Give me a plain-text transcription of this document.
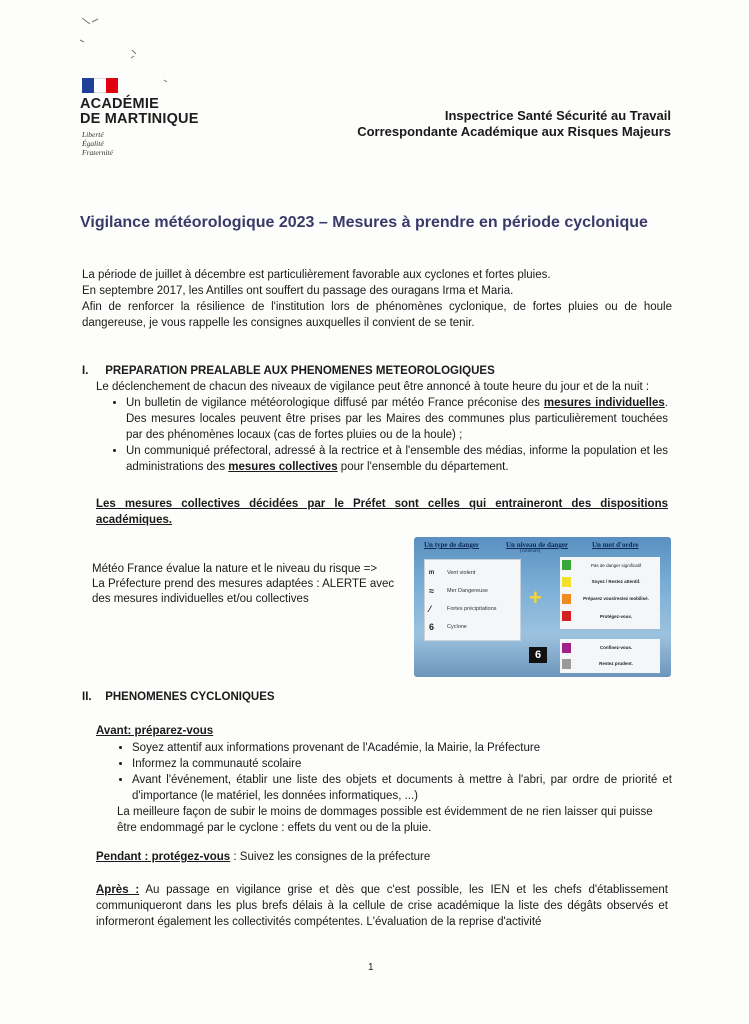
ACADÉMIE
DE MARTINIQUE
Liberté
Égalité
Fraternité
Inspectrice Santé Sécurité au Travail
Correspondante Académique aux Risques Majeurs
Vigilance météorologique 2023 – Mesures à prendre en période cyclonique
La période de juillet à décembre est particulièrement favorable aux cyclones et fortes pluies.
En septembre 2017, les Antilles ont souffert du passage des ouragans Irma et Maria.
Afin de renforcer la résilience de l'institution lors de phénomènes cyclonique, de fortes pluies ou de houle dangereuse, je vous rappelle les consignes auxquelles il convient de se tenir.
I. PREPARATION PREALABLE AUX PHENOMENES METEOROLOGIQUES
Le déclenchement de chacun des niveaux de vigilance peut être annoncé à toute heure du jour et de la nuit :
• Un bulletin de vigilance météorologique diffusé par météo France préconise des mesures individuelles. Des mesures locales peuvent être prises par les Maires des communes plus particulièrement touchées par des phénomènes locaux (cas de fortes pluies ou de la houle) ;
• Un communiqué préfectoral, adressé à la rectrice et à l'ensemble des médias, informe la population et les administrations des mesures collectives pour l'ensemble du département.
Les mesures collectives décidées par le Préfet sont celles qui entraineront des dispositions académiques.
Météo France évalue la nature et le niveau du risque =>
La Préfecture prend des mesures adaptées : ALERTE avec des mesures individuelles et/ou collectives
Un type de danger	Un niveau de danger
(couleurs)
Un mot d'ordre
ᵐ	Vent violent
≈	Mer Dangereuse
⁄	Fortes précipitations
6	Cyclone
+
Pas de danger significatif
Soyez / Restez attentif.
Préparez vous/restez mobilisé.
Protégez-vous.
6
Confinez-vous.
Restez prudent.
II. PHENOMENES CYCLONIQUES
Avant: préparez-vous
• Soyez attentif aux informations provenant de l'Académie, la Mairie, la Préfecture
• Informez la communauté scolaire
• Avant l'événement, établir une liste des objets et documents à mettre à l'abri, par ordre de priorité et d'importance (le matériel, les données informatiques, ...)
La meilleure façon de subir le moins de dommages possible est évidemment de ne rien laisser qui puisse être endommagé par le cyclone : effets du vent ou de la pluie.
Pendant : protégez-vous : Suivez les consignes de la préfecture
Après : Au passage en vigilance grise et dès que c'est possible, les IEN et les chefs d'établissement communiqueront dans les plus brefs délais à la cellule de crise académique la liste des dégâts observés et informeront également les collectivités compétentes. L'évaluation de la reprise d'activité
1
